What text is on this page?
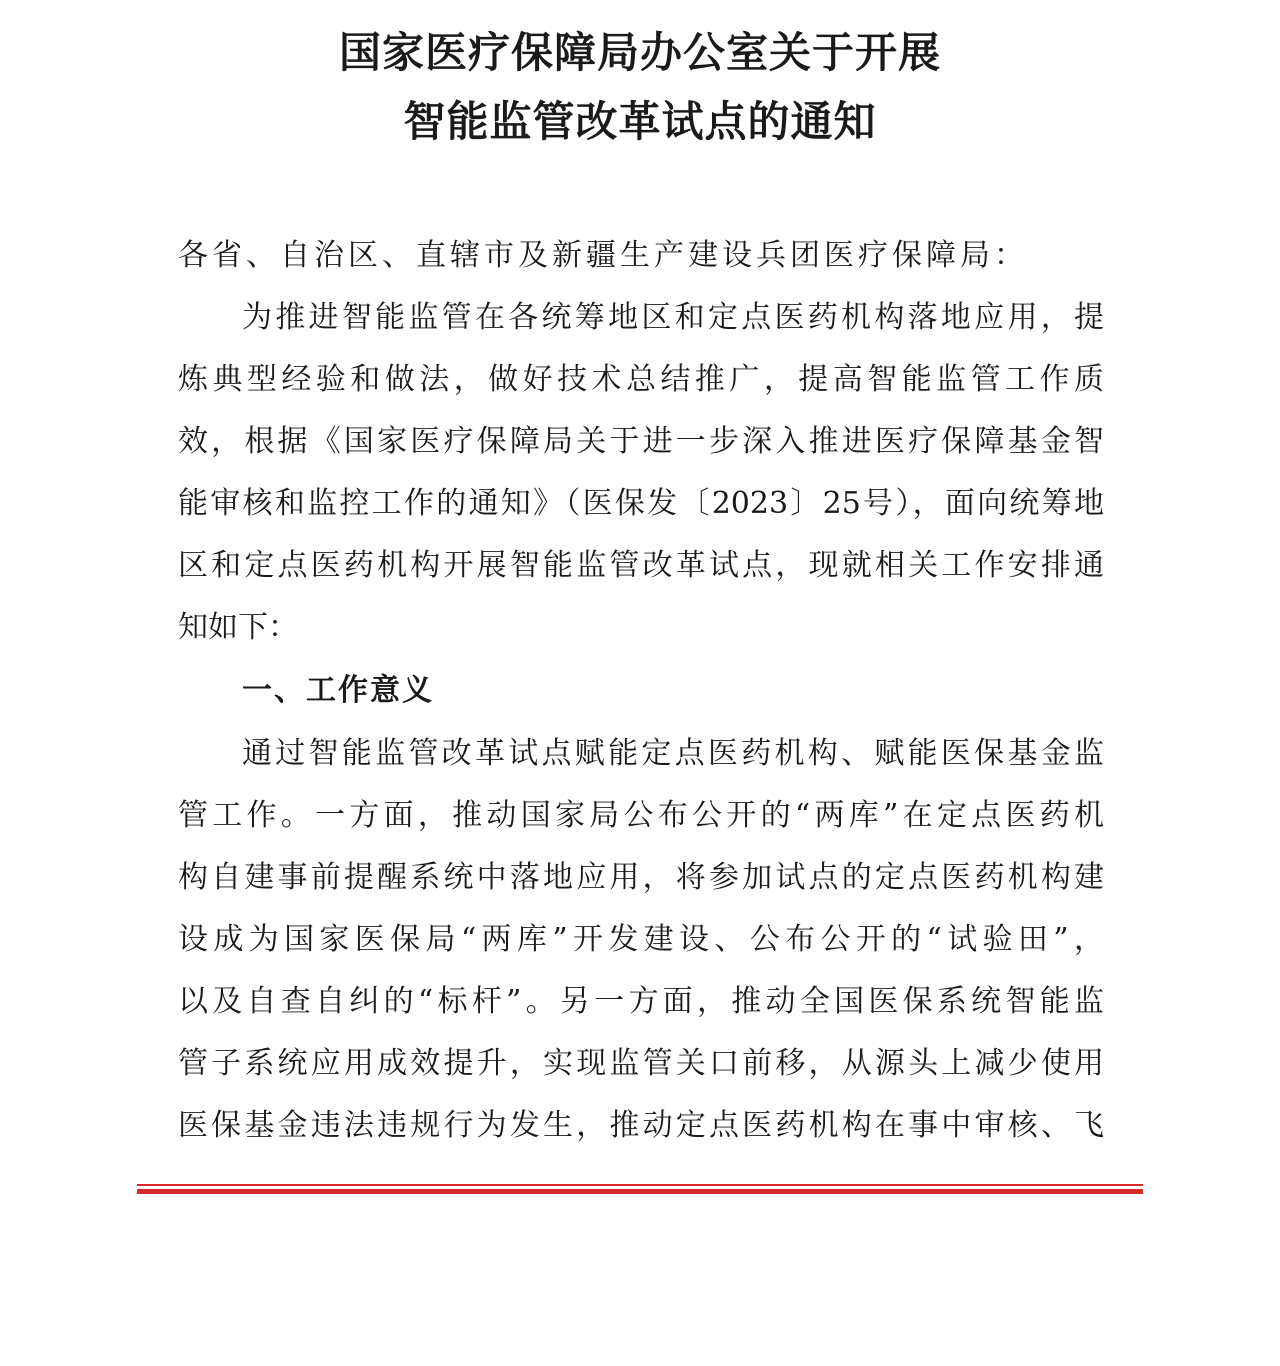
国家医疗保障局办公室关于开展
智能监管改革试点的通知

各省、自治区、直辖市及新疆生产建设兵团医疗保障局：

为推进智能监管在各统筹地区和定点医药机构落地应用，提
炼典型经验和做法，做好技术总结推广，提高智能监管工作质
效，根据《国家医疗保障局关于进一步深入推进医疗保障基金智
能审核和监控工作的通知》（医保发〔2023〕25号），面向统筹地
区和定点医药机构开展智能监管改革试点，现就相关工作安排通
知如下：
一、工作意义
通过智能监管改革试点赋能定点医药机构、赋能医保基金监
管工作。一方面，推动国家局公布公开的“两库”在定点医药机
构自建事前提醒系统中落地应用，将参加试点的定点医药机构建
设成为国家医保局“两库”开发建设、公布公开的“试验田”，
以及自查自纠的“标杆”。另一方面，推动全国医保系统智能监
管子系统应用成效提升，实现监管关口前移，从源头上减少使用
医保基金违法违规行为发生，推动定点医药机构在事中审核、飞
